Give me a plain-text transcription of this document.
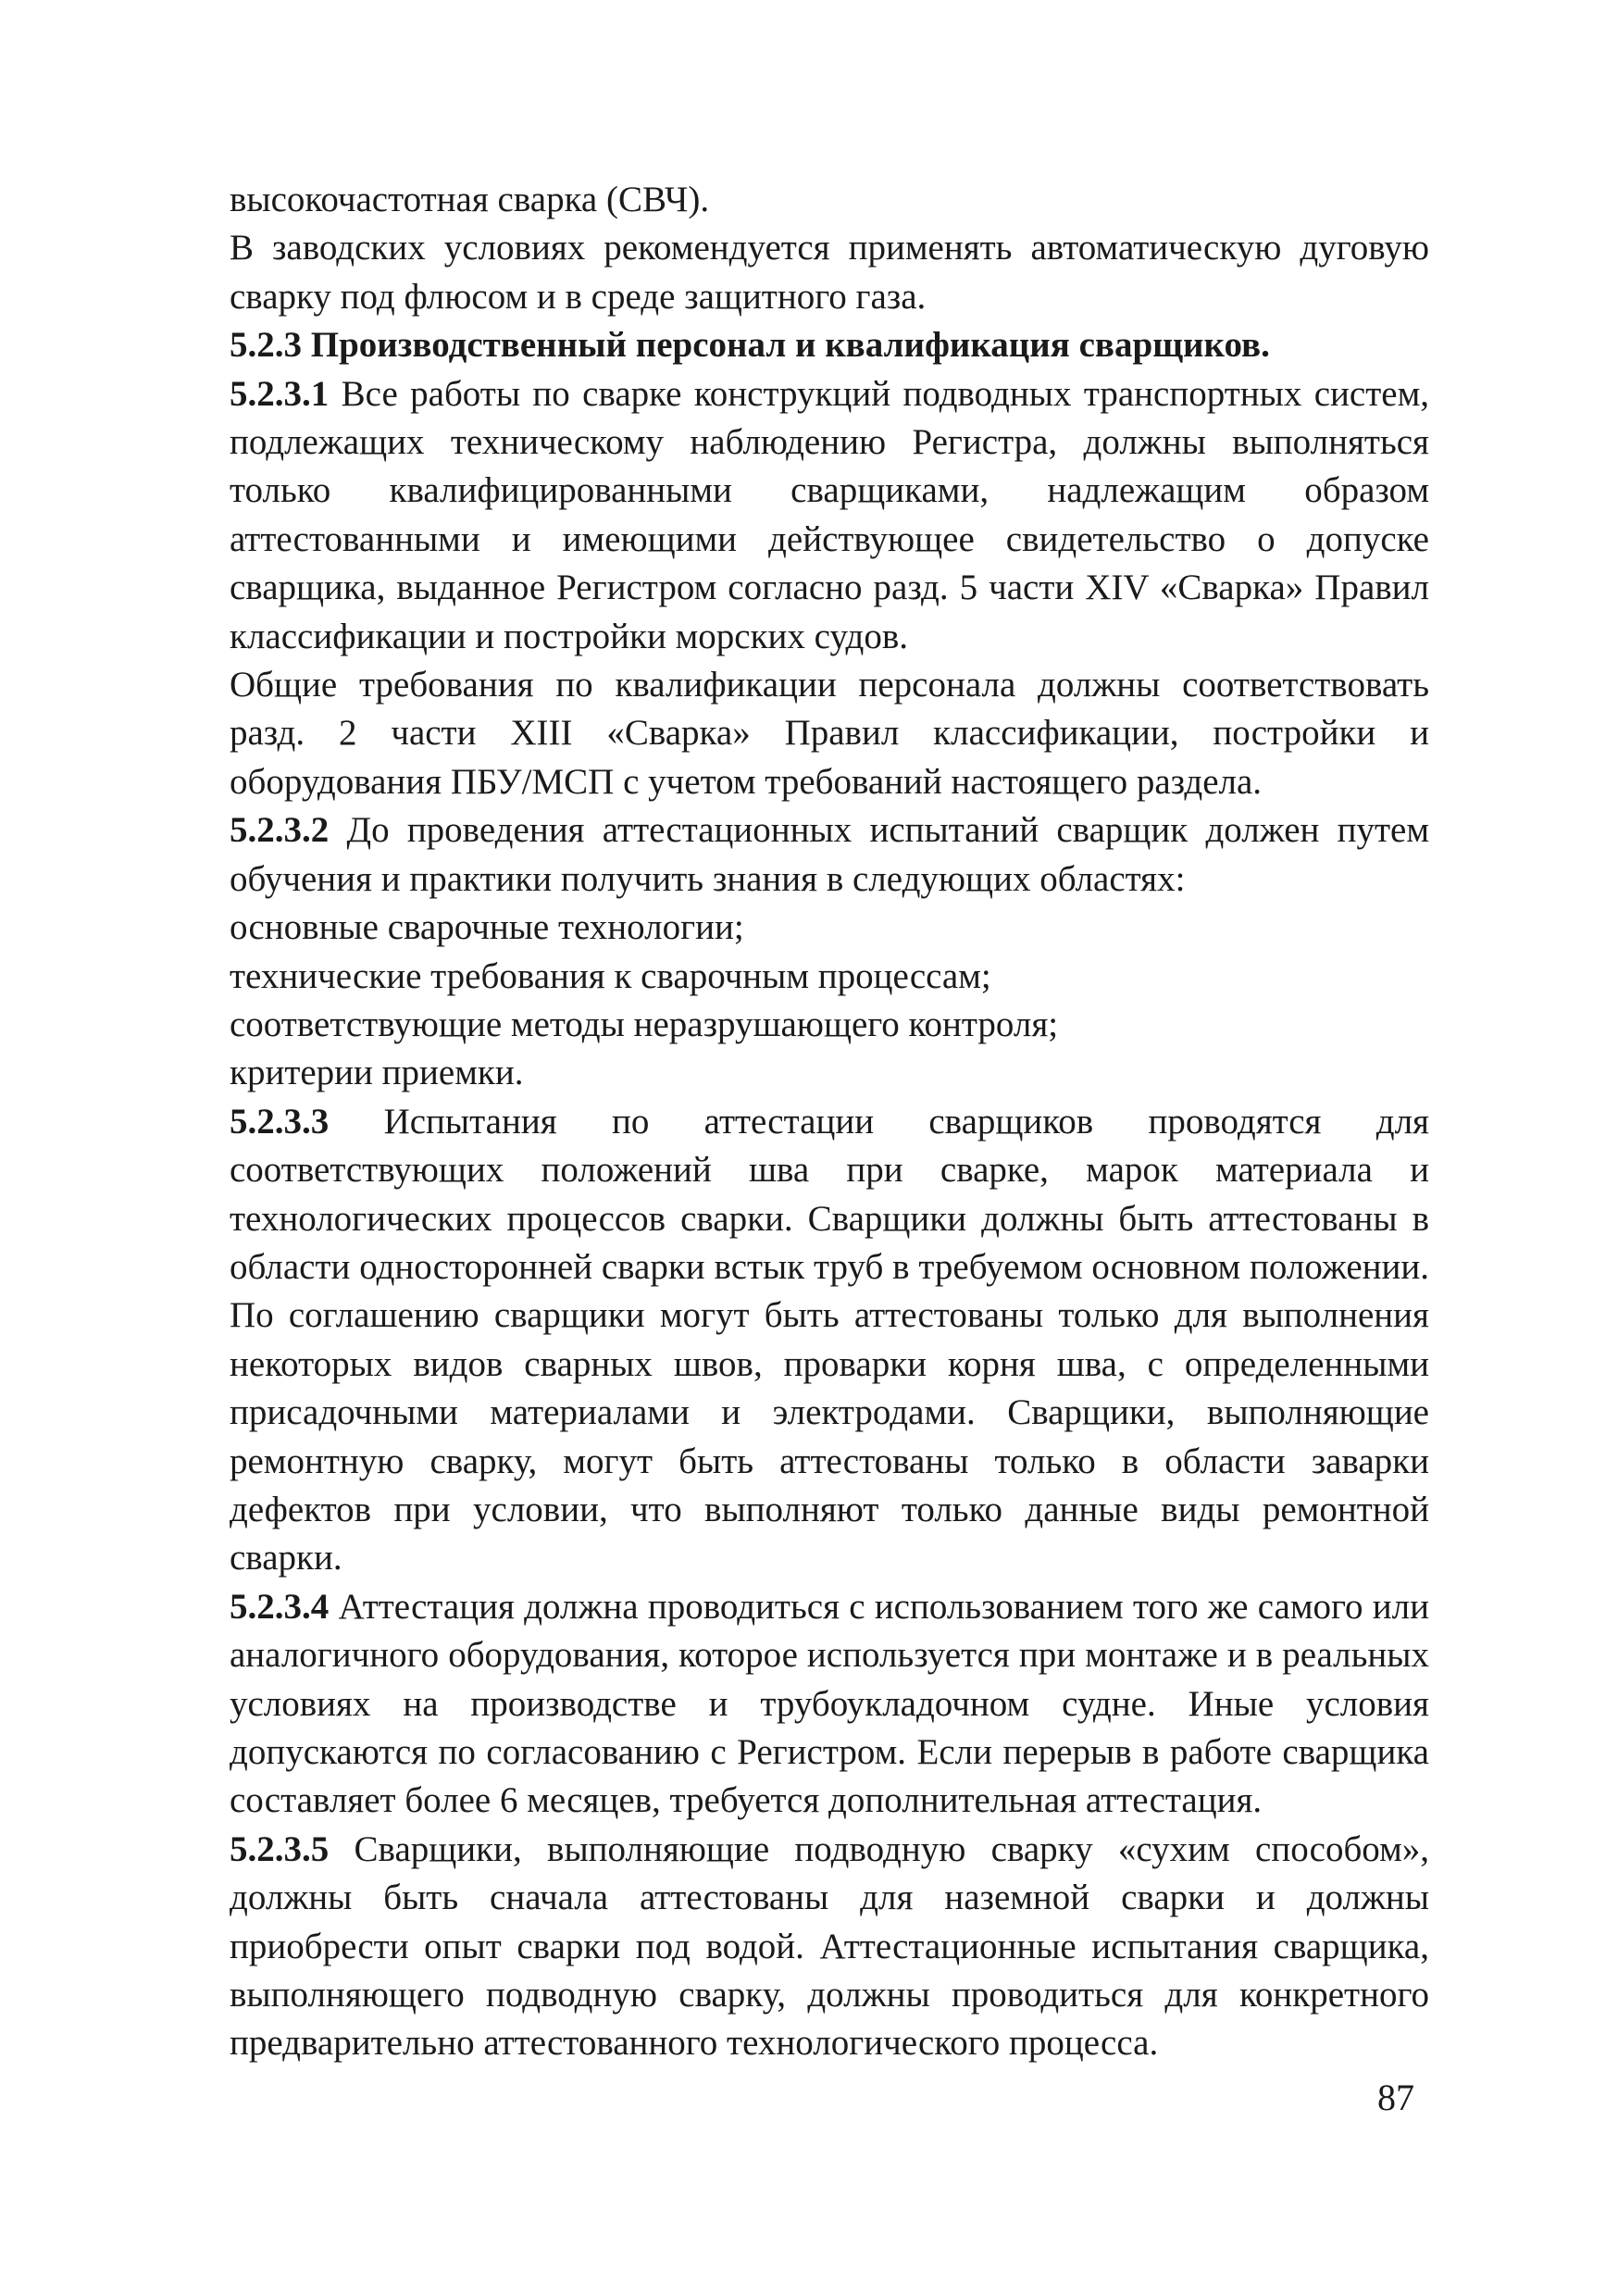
высокочастотная сварка (СВЧ).

В заводских условиях рекомендуется применять автоматическую дуговую сварку под флюсом и в среде защитного газа.

5.2.3 Производственный персонал и квалификация сварщиков.

5.2.3.1 Все работы по сварке конструкций подводных транспортных систем, подлежащих техническому наблюдению Регистра, должны выполняться только квалифицированными сварщиками, надлежащим образом аттестованными и имеющими действующее свидетельство о допуске сварщика, выданное Регистром согласно разд. 5 части XIV «Сварка» Правил классификации и постройки морских судов.

Общие требования по квалификации персонала должны соответствовать разд. 2 части XIII «Сварка» Правил классификации, постройки и оборудования ПБУ/МСП с учетом требований настоящего раздела.

5.2.3.2 До проведения аттестационных испытаний сварщик должен путем обучения и практики получить знания в следующих областях:

основные сварочные технологии;

технические требования к сварочным процессам;

соответствующие методы неразрушающего контроля;

критерии приемки.

5.2.3.3 Испытания по аттестации сварщиков проводятся для соответствующих положений шва при сварке, марок материала и технологических процессов сварки. Сварщики должны быть аттестованы в области односторонней сварки встык труб в требуемом основном положении. По соглашению сварщики могут быть аттестованы только для выполнения некоторых видов сварных швов, проварки корня шва, с определенными присадочными материалами и электродами. Сварщики, выполняющие ремонтную сварку, могут быть аттестованы только в области заварки дефектов при условии, что выполняют только данные виды ремонтной сварки.

5.2.3.4 Аттестация должна проводиться с использованием того же самого или аналогичного оборудования, которое используется при монтаже и в реальных условиях на производстве и трубоукладочном судне. Иные условия допускаются по согласованию с Регистром. Если перерыв в работе сварщика составляет более 6 месяцев, требуется дополнительная аттестация.

5.2.3.5 Сварщики, выполняющие подводную сварку «сухим способом», должны быть сначала аттестованы для наземной сварки и должны приобрести опыт сварки под водой. Аттестационные испытания сварщика, выполняющего подводную сварку, должны проводиться для конкретного предварительно аттестованного технологического процесса.

87
